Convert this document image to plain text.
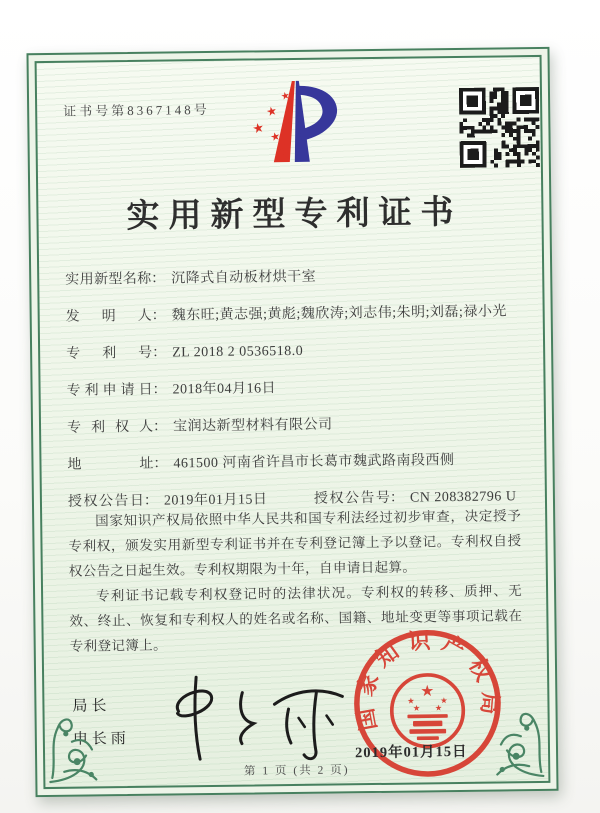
证书号第8367148号
★
★
★
★
★
★
实用新型专利证书
实用新型名称： 沉降式自动板材烘干室
发明人： 魏东旺;黄志强;黄彪;魏欣涛;刘志伟;朱明;刘磊;禄小光
专利号： ZL 2018 2 0536518.0
专利申请日： 2018年04月16日
专利权人： 宝润达新型材料有限公司
地址： 461500 河南省许昌市长葛市魏武路南段西侧
授权公告日： 2019年01月15日	授权公告号： CN 208382796 U

国家知识产权局依照中华人民共和国专利法经过初步审查，决定授予专利权，颁发实用新型专利证书并在专利登记簿上予以登记。专利权自授权公告之日起生效。专利权期限为十年，自申请日起算。

专利证书记载专利权登记时的法律状况。专利权的转移、质押、无效、终止、恢复和专利权人的姓名或名称、国籍、地址变更等事项记载在专利登记簿上。

局长
申长雨
国家知识产权局
★
★	★
★ ★
2019年01月15日
第 1 页 (共 2 页)
